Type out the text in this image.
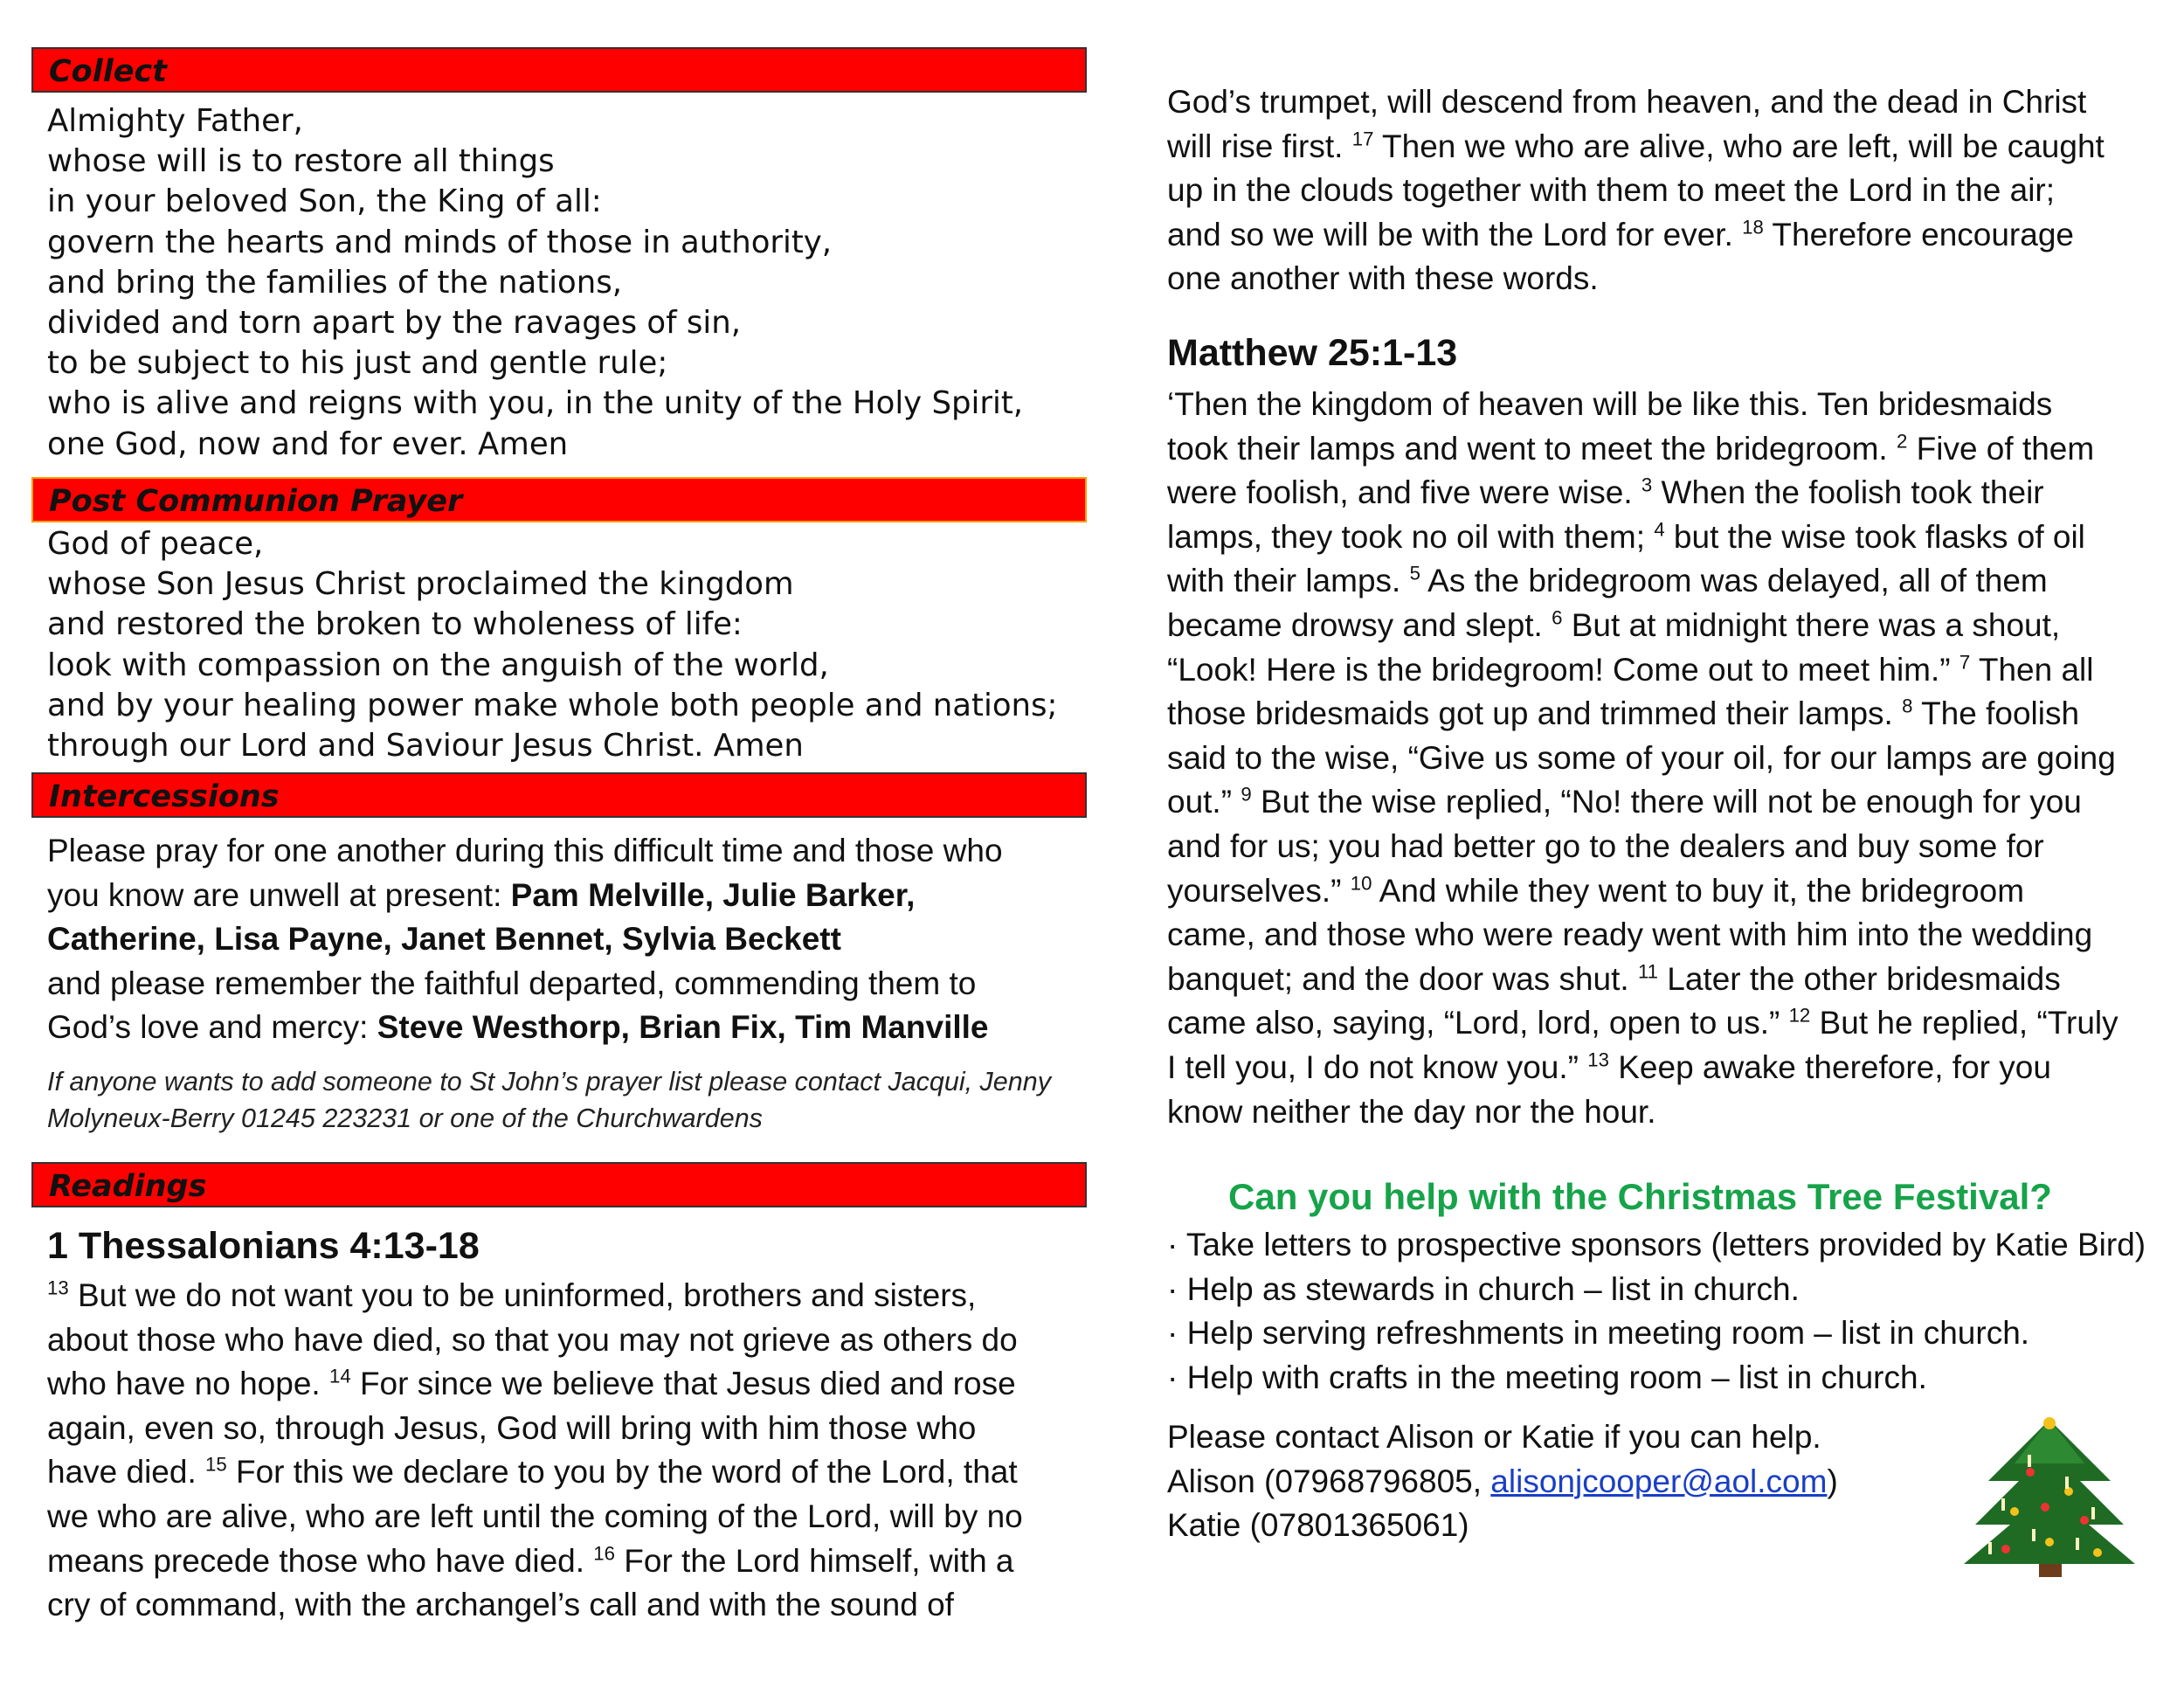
Collect
Almighty Father,
whose will is to restore all things
in your beloved Son, the King of all:
govern the hearts and minds of those in authority,
and bring the families of the nations,
divided and torn apart by the ravages of sin,
to be subject to his just and gentle rule;
who is alive and reigns with you, in the unity of the Holy Spirit,
one God, now and for ever. Amen
Post Communion Prayer
God of peace,
whose Son Jesus Christ proclaimed the kingdom
and restored the broken to wholeness of life:
look with compassion on the anguish of the world,
and by your healing power make whole both people and nations;
through our Lord and Saviour Jesus Christ. Amen
Intercessions
Please pray for one another during this difficult time and those who
you know are unwell at present: Pam Melville, Julie Barker,
Catherine, Lisa Payne, Janet Bennet, Sylvia Beckett
and please remember the faithful departed, commending them to
God’s love and mercy: Steve Westhorp, Brian Fix, Tim Manville
If anyone wants to add someone to St John’s prayer list please contact Jacqui, Jenny
Molyneux-Berry 01245 223231 or one of the Churchwardens
Readings
1 Thessalonians 4:13-18
$^{13}$ But we do not want you to be uninformed, brothers and sisters,
about those who have died, so that you may not grieve as others do
who have no hope. $^{14}$ For since we believe that Jesus died and rose
again, even so, through Jesus, God will bring with him those who
have died. $^{15}$ For this we declare to you by the word of the Lord, that
we who are alive, who are left until the coming of the Lord, will by no
means precede those who have died. $^{16}$ For the Lord himself, with a
cry of command, with the archangel’s call and with the sound of
God’s trumpet, will descend from heaven, and the dead in Christ
will rise first. $^{17}$ Then we who are alive, who are left, will be caught
up in the clouds together with them to meet the Lord in the air;
and so we will be with the Lord for ever. $^{18}$ Therefore encourage
one another with these words.
Matthew 25:1-13
‘Then the kingdom of heaven will be like this. Ten bridesmaids
took their lamps and went to meet the bridegroom. $^2$ Five of them
were foolish, and five were wise. $^3$ When the foolish took their
lamps, they took no oil with them; $^4$ but the wise took flasks of oil
with their lamps. $^5$ As the bridegroom was delayed, all of them
became drowsy and slept. $^6$ But at midnight there was a shout,
“Look! Here is the bridegroom! Come out to meet him.” $^7$ Then all
those bridesmaids got up and trimmed their lamps. $^8$ The foolish
said to the wise, “Give us some of your oil, for our lamps are going
out.” $^9$ But the wise replied, “No! there will not be enough for you
and for us; you had better go to the dealers and buy some for
yourselves.” $^{10}$ And while they went to buy it, the bridegroom
came, and those who were ready went with him into the wedding
banquet; and the door was shut. $^{11}$ Later the other bridesmaids
came also, saying, “Lord, lord, open to us.” $^{12}$ But he replied, “Truly
I tell you, I do not know you.” $^{13}$ Keep awake therefore, for you
know neither the day nor the hour.
Can you help with the Christmas Tree Festival?
· Take letters to prospective sponsors (letters provided by Katie Bird)
· Help as stewards in church – list in church.
· Help serving refreshments in meeting room – list in church.
· Help with crafts in the meeting room – list in church.
Please contact Alison or Katie if you can help.
Alison (07968796805, alisonjcooper@aol.com)
Katie (07801365061)
